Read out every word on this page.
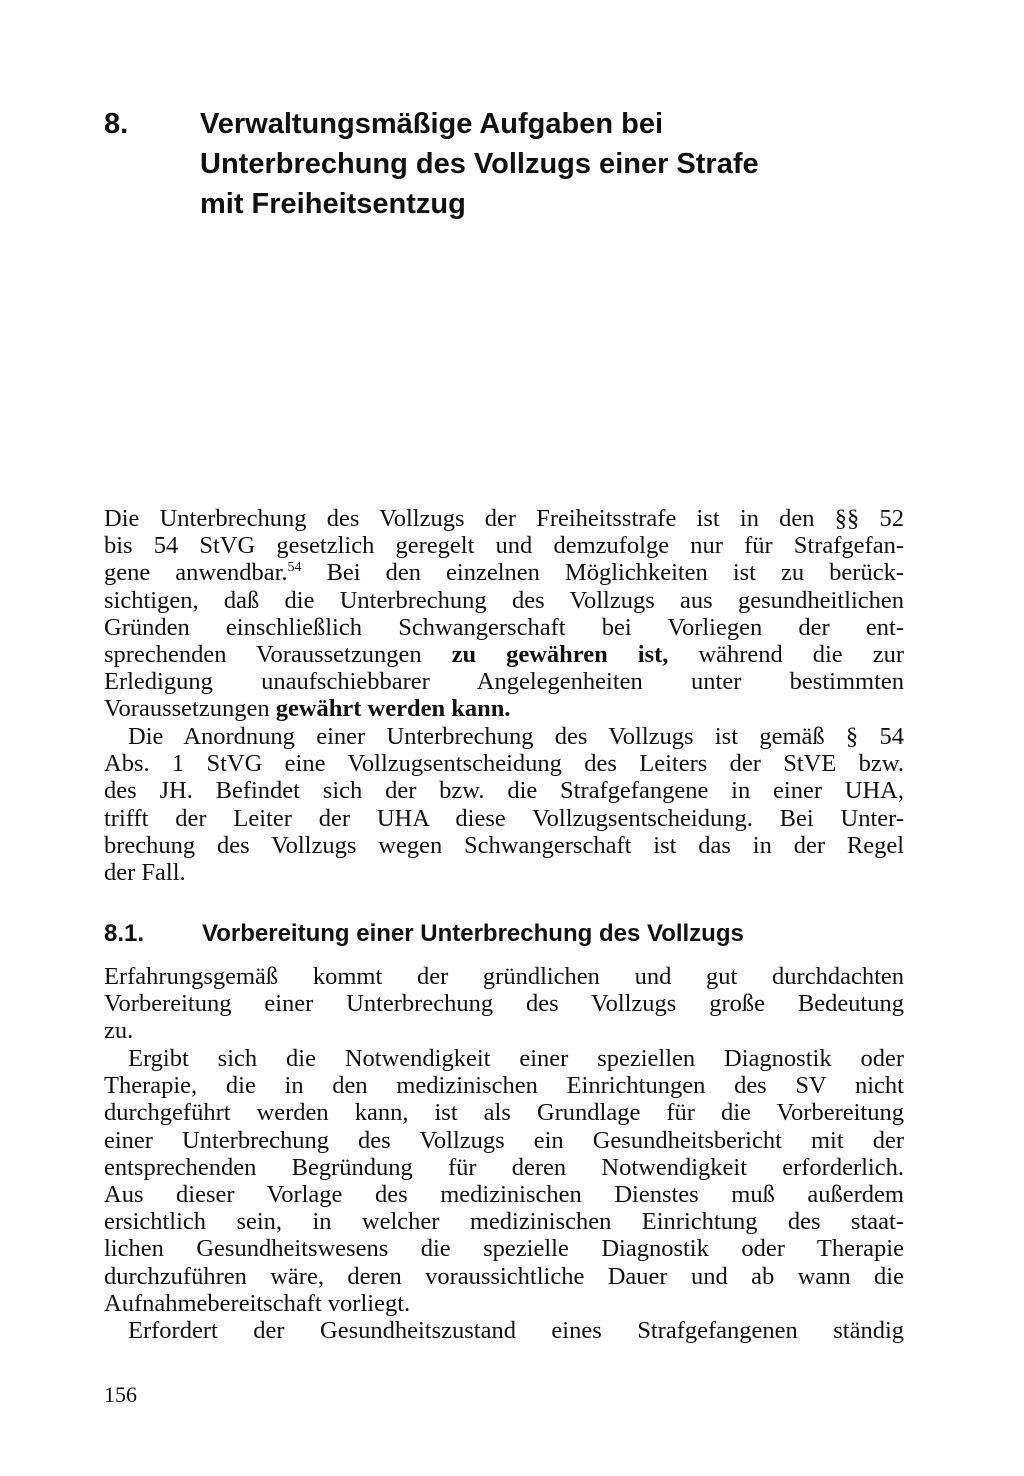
8. Verwaltungsmäßige Aufgaben bei
Unterbrechung des Vollzugs einer Strafe
mit Freiheitsentzug
Die Unterbrechung des Vollzugs der Freiheitsstrafe ist in den §§ 52
bis 54 StVG gesetzlich geregelt und demzufolge nur für Strafgefan-
gene anwendbar.$^{54}$ Bei den einzelnen Möglichkeiten ist zu berück-
sichtigen, daß die Unterbrechung des Vollzugs aus gesundheitlichen
Gründen einschließlich Schwangerschaft bei Vorliegen der ent-
sprechenden Voraussetzungen zu gewähren ist, während die zur
Erledigung unaufschiebbarer Angelegenheiten unter bestimmten
Voraussetzungen gewährt werden kann.
Die Anordnung einer Unterbrechung des Vollzugs ist gemäß § 54
Abs. 1 StVG eine Vollzugsentscheidung des Leiters der StVE bzw.
des JH. Befindet sich der bzw. die Strafgefangene in einer UHA,
trifft der Leiter der UHA diese Vollzugsentscheidung. Bei Unter-
brechung des Vollzugs wegen Schwangerschaft ist das in der Regel
der Fall.
8.1. Vorbereitung einer Unterbrechung des Vollzugs
Erfahrungsgemäß kommt der gründlichen und gut durchdachten
Vorbereitung einer Unterbrechung des Vollzugs große Bedeutung
zu.
Ergibt sich die Notwendigkeit einer speziellen Diagnostik oder
Therapie, die in den medizinischen Einrichtungen des SV nicht
durchgeführt werden kann, ist als Grundlage für die Vorbereitung
einer Unterbrechung des Vollzugs ein Gesundheitsbericht mit der
entsprechenden Begründung für deren Notwendigkeit erforderlich.
Aus dieser Vorlage des medizinischen Dienstes muß außerdem
ersichtlich sein, in welcher medizinischen Einrichtung des staat-
lichen Gesundheitswesens die spezielle Diagnostik oder Therapie
durchzuführen wäre, deren voraussichtliche Dauer und ab wann die
Aufnahmebereitschaft vorliegt.
Erfordert der Gesundheitszustand eines Strafgefangenen ständig
156
